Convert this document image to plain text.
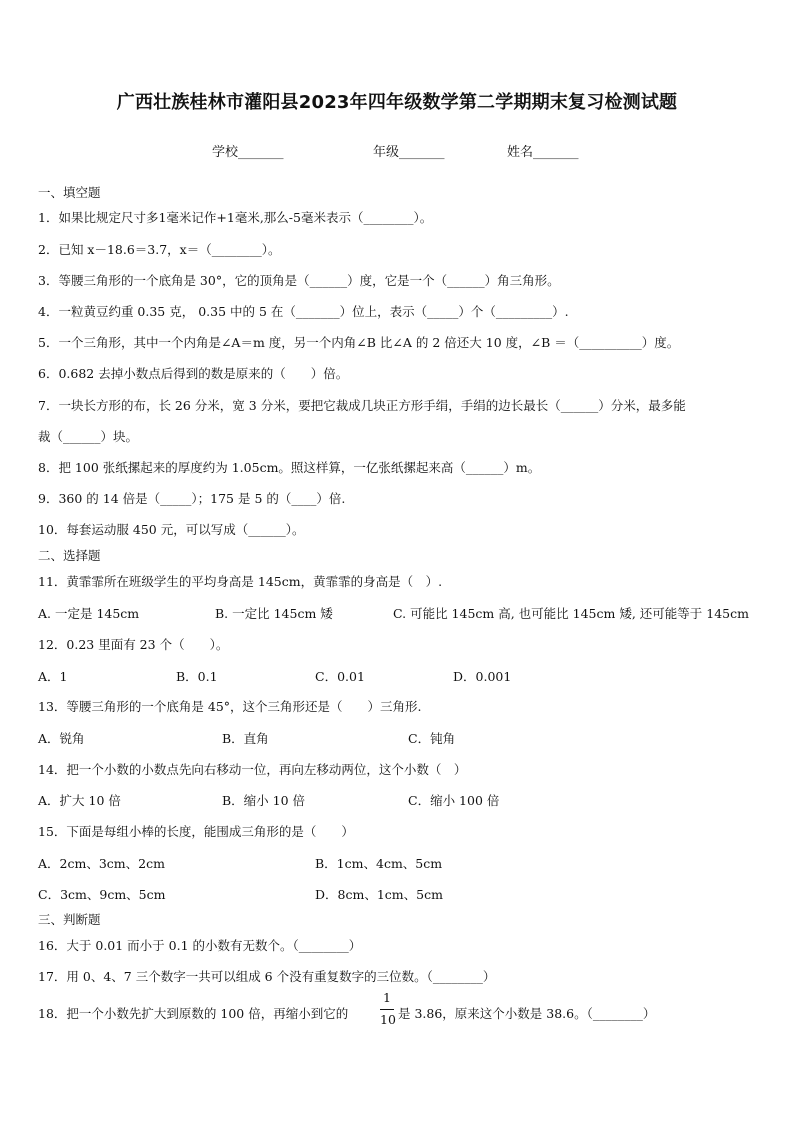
广西壮族桂林市灌阳县2023年四年级数学第二学期期末复习检测试题
学校_______	年级_______	姓名_______
一、填空题
1．如果比规定尺寸多1毫米记作+1毫米,那么-5毫米表示（________）。
2．已知 x－18.6＝3.7，x＝（________）。
3．等腰三角形的一个底角是 30°，它的顶角是（______）度，它是一个（______）角三角形。
4．一粒黄豆约重 0.35 克， 0.35 中的 5 在（_______）位上，表示（_____）个（_________）.
5．一个三角形，其中一个内角是∠A＝m 度，另一个内角∠B 比∠A 的 2 倍还大 10 度，∠B ＝（__________）度。
6．0.682 去掉小数点后得到的数是原来的（　　）倍。
7．一块长方形的布，长 26 分米，宽 3 分米，要把它裁成几块正方形手绢，手绢的边长最长（______）分米，最多能
裁（______）块。
8．把 100 张纸摞起来的厚度约为 1.05cm。照这样算，一亿张纸摞起来高（______）m。
9．360 的 14 倍是（_____）；175 是 5 的（____）倍.
10．每套运动服 450 元，可以写成（______）。
二、选择题
11．黄霏霏所在班级学生的平均身高是 145cm，黄霏霏的身高是（　）.
A. 一定是 145cm	B. 一定比 145cm 矮	C. 可能比 145cm 高, 也可能比 145cm 矮, 还可能等于 145cm
12．0.23 里面有 23 个（　　）。
A．1	B．0.1	C．0.01	D．0.001
13．等腰三角形的一个底角是 45°，这个三角形还是（　　）三角形.
A．锐角	B．直角	C．钝角
14．把一个小数的小数点先向右移动一位，再向左移动两位，这个小数（　）
A．扩大 10 倍	B．缩小 10 倍	C．缩小 100 倍
15．下面是每组小棒的长度，能围成三角形的是（　　）
A．2cm、3cm、2cm	B．1cm、4cm、5cm
C．3cm、9cm、5cm	D．8cm、1cm、5cm
三、判断题
16．大于 0.01 而小于 0.1 的小数有无数个。（________）
17．用 0、4、7 三个数字一共可以组成 6 个没有重复数字的三位数。（________）
18．把一个小数先扩大到原数的 100 倍，再缩小到它的
1
10 是 3.86，原来这个小数是 38.6。（________）
